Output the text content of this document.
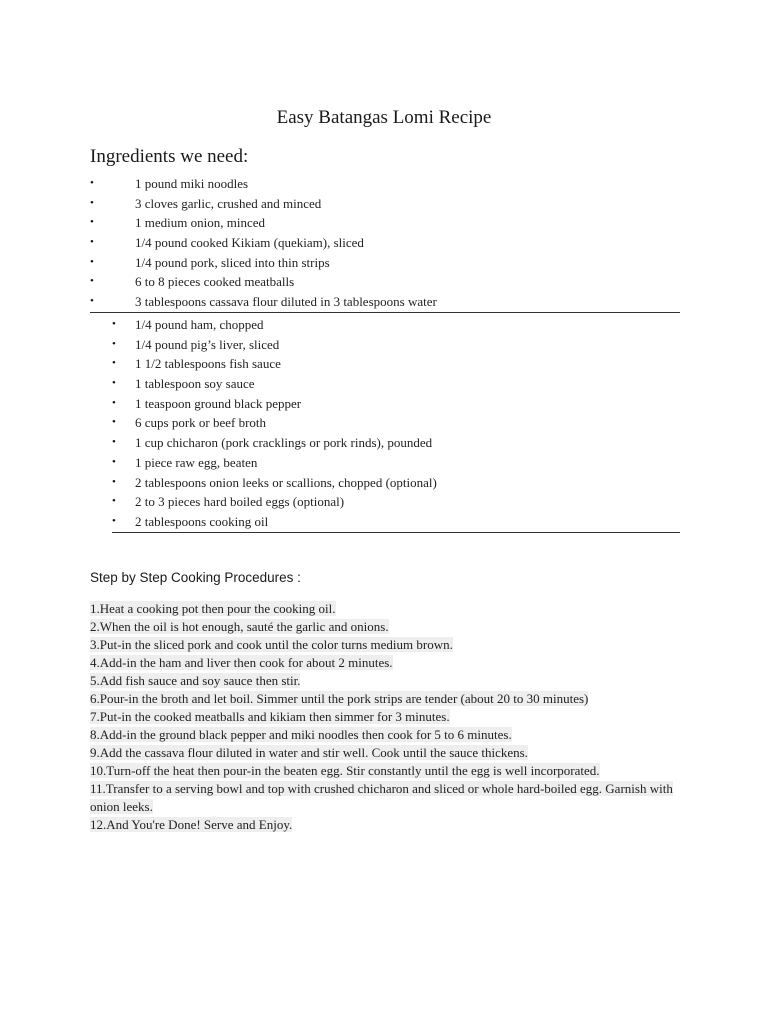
Easy Batangas Lomi Recipe
Ingredients we need:
•	1 pound miki noodles
•	3 cloves garlic, crushed and minced
•	1 medium onion, minced
•	1/4 pound cooked Kikiam (quekiam), sliced
•	1/4 pound pork, sliced into thin strips
•	6 to 8 pieces cooked meatballs
•	3 tablespoons cassava flour diluted in 3 tablespoons water
• 1/4 pound ham, chopped
• 1/4 pound pig’s liver, sliced
• 1 1/2 tablespoons fish sauce
• 1 tablespoon soy sauce
• 1 teaspoon ground black pepper
• 6 cups pork or beef broth
• 1 cup chicharon (pork cracklings or pork rinds), pounded
• 1 piece raw egg, beaten
• 2 tablespoons onion leeks or scallions, chopped (optional)
• 2 to 3 pieces hard boiled eggs (optional)
• 2 tablespoons cooking oil
Step by Step Cooking Procedures :

1.Heat a cooking pot then pour the cooking oil.

2.When the oil is hot enough, sauté the garlic and onions.

3.Put-in the sliced pork and cook until the color turns medium brown.

4.Add-in the ham and liver then cook for about 2 minutes.

5.Add fish sauce and soy sauce then stir.

6.Pour-in the broth and let boil. Simmer until the pork strips are tender (about 20 to 30 minutes)

7.Put-in the cooked meatballs and kikiam then simmer for 3 minutes.

8.Add-in the ground black pepper and miki noodles then cook for 5 to 6 minutes.

9.Add the cassava flour diluted in water and stir well. Cook until the sauce thickens.

10.Turn-off the heat then pour-in the beaten egg. Stir constantly until the egg is well incorporated.

11.Transfer to a serving bowl and top with crushed chicharon and sliced or whole hard-boiled egg. Garnish with onion leeks.

12.And You're Done! Serve and Enjoy.
